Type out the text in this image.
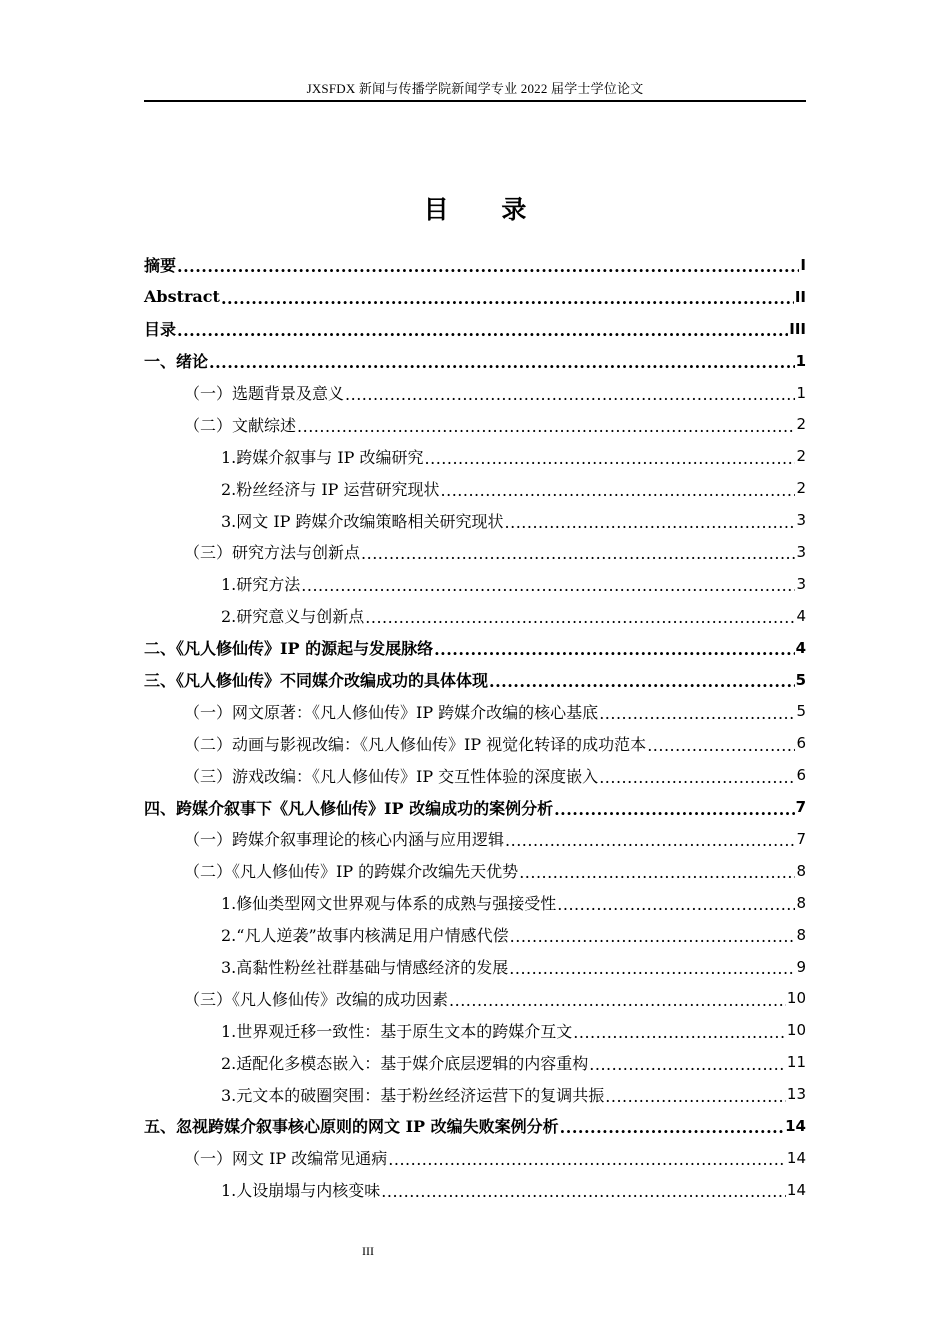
JXSFDX 新闻与传播学院新闻学专业 2022 届学士学位论文
目 录
摘要 .....	I
Abstract .....	II
目录 .....	III
一、绪论 .....	1
（一）选题背景及意义 .....	1
（二）文献综述 .....	2
1.跨媒介叙事与 IP 改编研究 .....	2
2.粉丝经济与 IP 运营研究现状 .....	2
3.网文 IP 跨媒介改编策略相关研究现状 .....	3
（三）研究方法与创新点 .....	3
1.研究方法 .....	3
2.研究意义与创新点 .....	4
二、《凡人修仙传》IP 的源起与发展脉络 .....	4
三、《凡人修仙传》不同媒介改编成功的具体体现 .....	5
（一）网文原著：《凡人修仙传》IP 跨媒介改编的核心基底 .....	5
（二）动画与影视改编：《凡人修仙传》IP 视觉化转译的成功范本 .....	6
（三）游戏改编：《凡人修仙传》IP 交互性体验的深度嵌入 .....	6
四、跨媒介叙事下《凡人修仙传》IP 改编成功的案例分析 .....	7
（一）跨媒介叙事理论的核心内涵与应用逻辑 .....	7
（二）《凡人修仙传》IP 的跨媒介改编先天优势 .....	8
1.修仙类型网文世界观与体系的成熟与强接受性 .....	8
2.“凡人逆袭”故事内核满足用户情感代偿 .....	8
3.高黏性粉丝社群基础与情感经济的发展 .....	9
（三）《凡人修仙传》改编的成功因素 .....	10
1.世界观迁移一致性：基于原生文本的跨媒介互文 .....	10
2.适配化多模态嵌入：基于媒介底层逻辑的内容重构 .....	11
3.元文本的破圈突围：基于粉丝经济运营下的复调共振 .....	13
五、忽视跨媒介叙事核心原则的网文 IP 改编失败案例分析 .....	14
（一）网文 IP 改编常见通病 .....	14
1.人设崩塌与内核变味 .....	14
III
